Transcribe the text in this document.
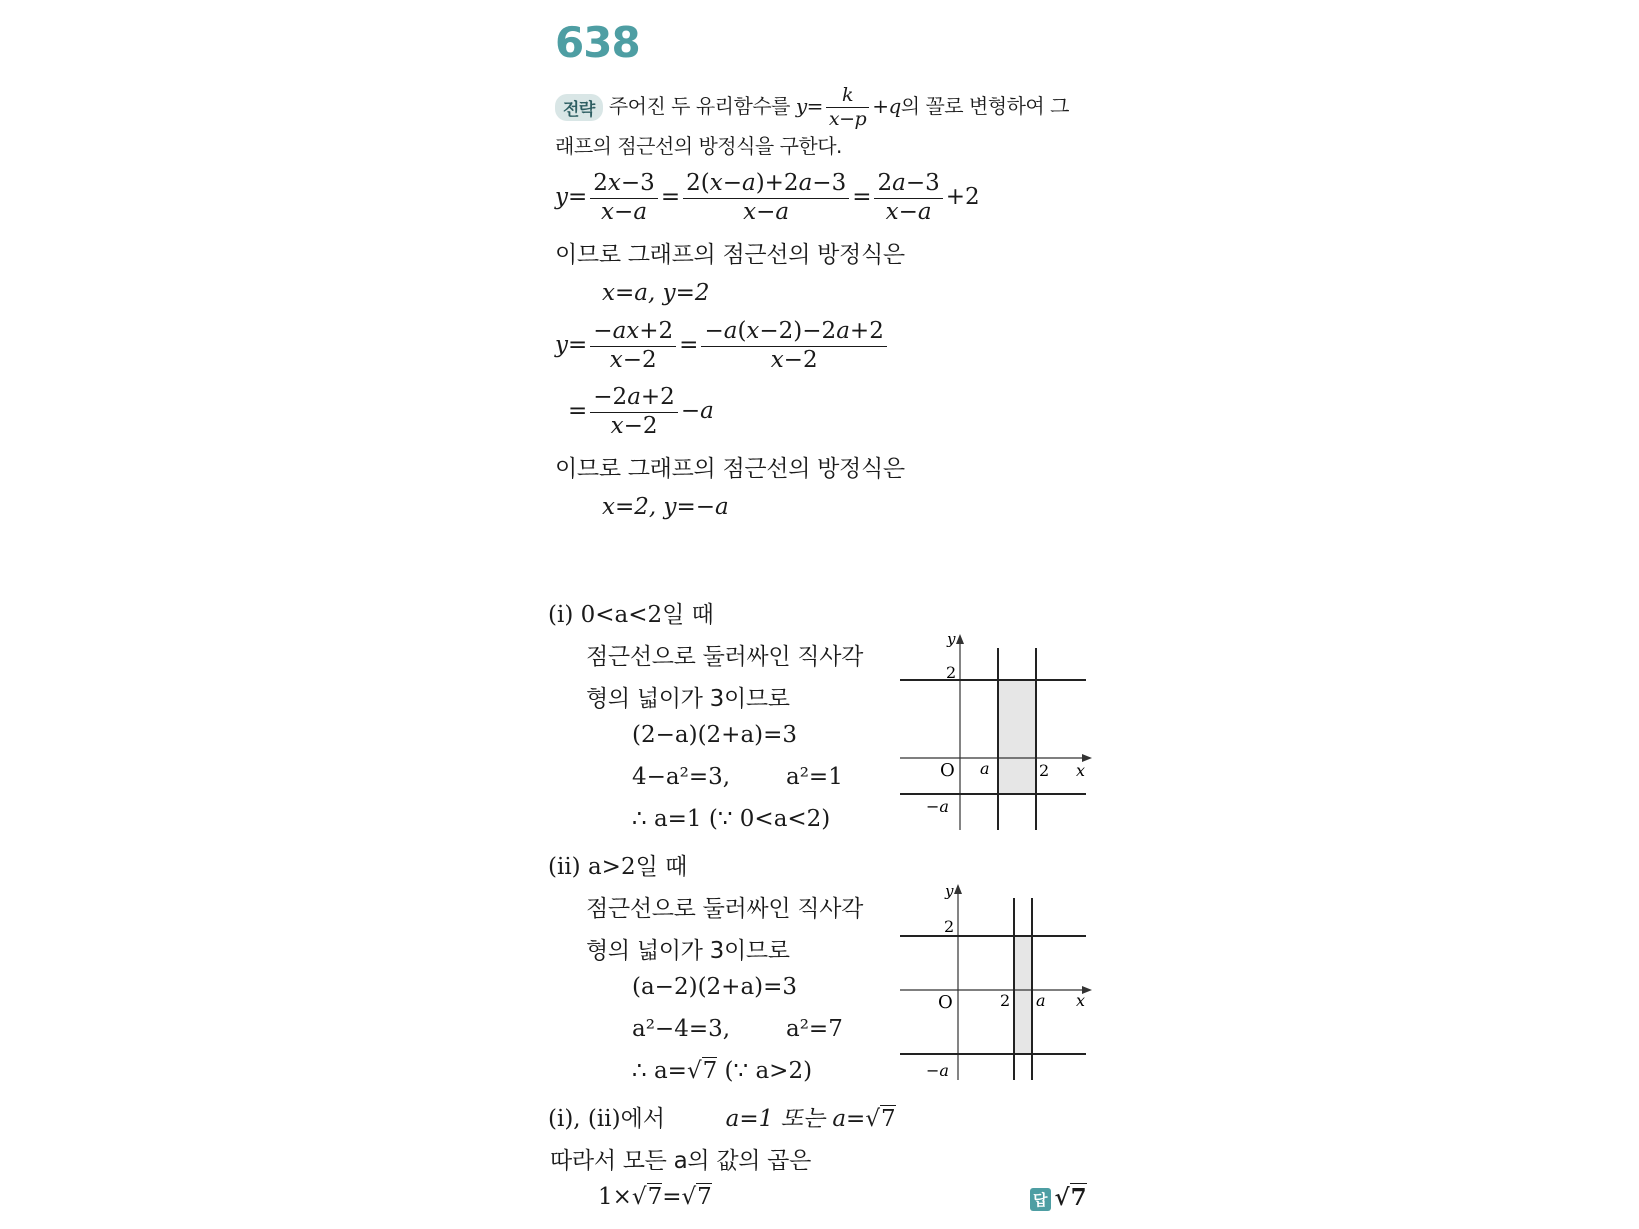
638
전략 주어진 두 유리함수를 $y= \frac{k}{x-p} +q$의 꼴로 변형하여 그
래프의 점근선의 방정식을 구한다.
$y= \frac{2x-3}{x-a} = \frac{2(x-a)+2a-3}{x-a} = \frac{2a-3}{x-a} +2$
이므로 그래프의 점근선의 방정식은
x=a, y=2
$y= \frac{-ax+2}{x-2} = \frac{-a(x-2)-2a+2}{x-2}$
= $\frac{-2a+2}{x-2} -a$
이므로 그래프의 점근선의 방정식은
x=2, y=−a
(ⅰ) 0<a<2일 때
점근선으로 둘러싸인 직사각
형의 넓이가 3이므로
(2−a)(2+a)=3
4−a²=3, a²=1
∴ a=1 (∵ 0<a<2)
y
2
O a	2 x
−a
(ⅱ) a>2일 때
점근선으로 둘러싸인 직사각
형의 넓이가 3이므로
(a−2)(2+a)=3
a²−4=3, a²=7
∴ a=√7 (∵ a>2)
y
2
O	2 a x
−a
(ⅰ), (ⅱ)에서	a=1 또는 a=√7
따라서 모든 a의 값의 곱은
1×√7=√7	답 √7
